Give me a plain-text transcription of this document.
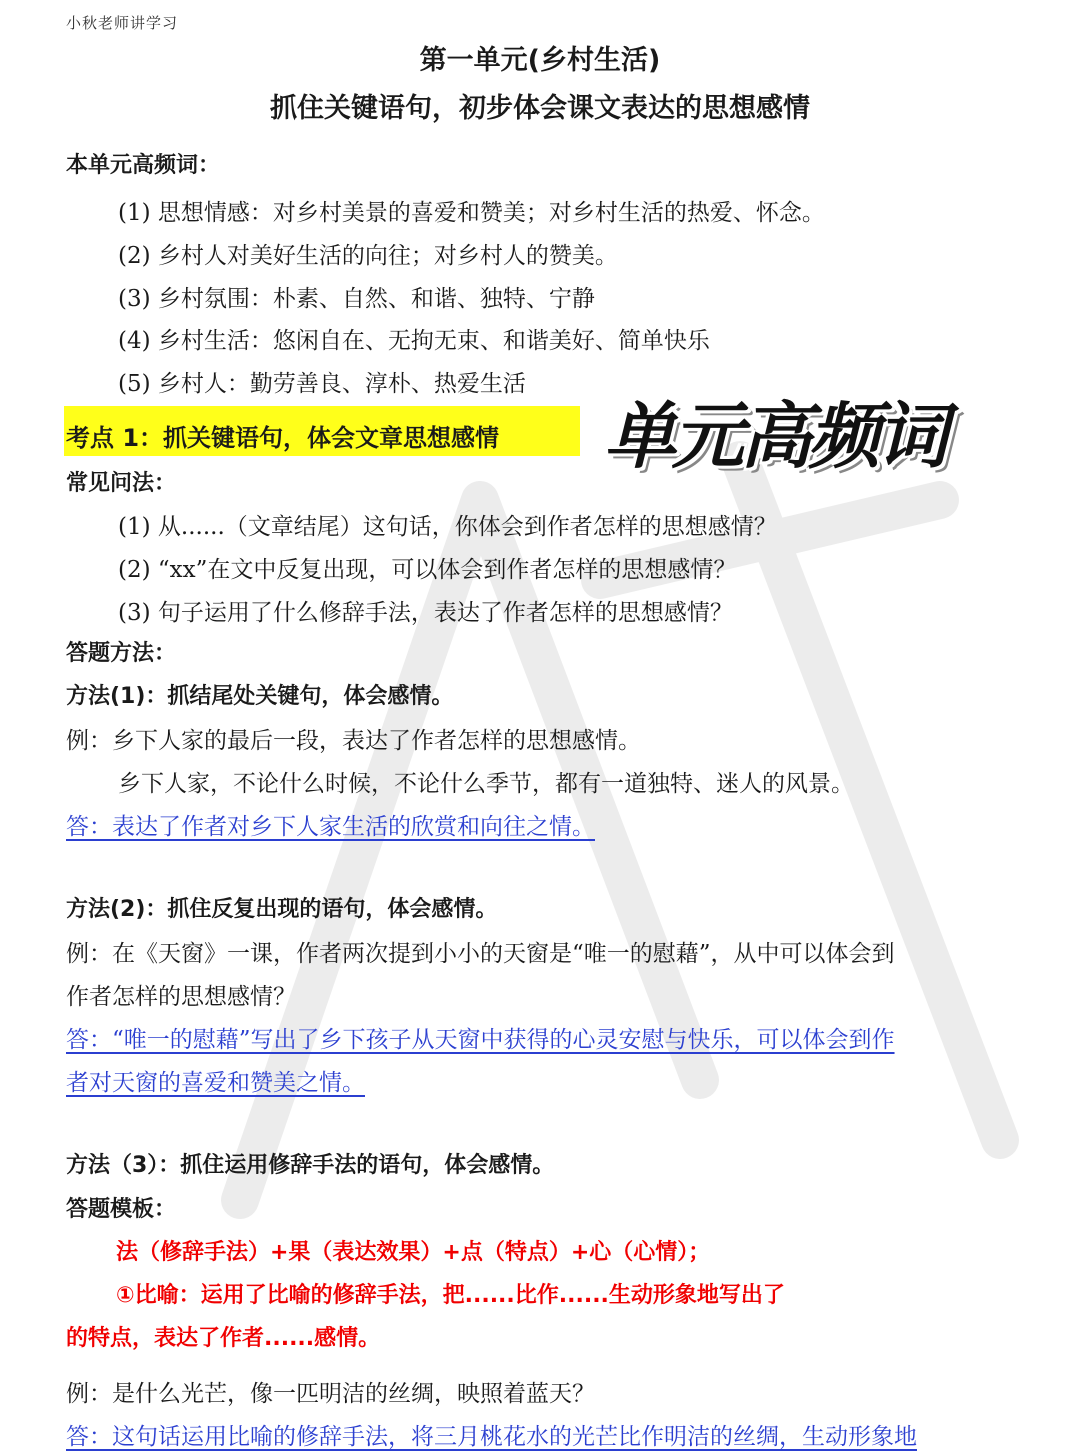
小秋老师讲学习
第一单元(乡村生活)
抓住关键语句，初步体会课文表达的思想感情
本单元高频词：
(1) 思想情感：对乡村美景的喜爱和赞美；对乡村生活的热爱、怀念。
(2) 乡村人对美好生活的向往；对乡村人的赞美。
(3) 乡村氛围：朴素、自然、和谐、独特、宁静
(4) 乡村生活：悠闲自在、无拘无束、和谐美好、简单快乐
(5) 乡村人：勤劳善良、淳朴、热爱生活
考点 1：抓关键语句，体会文章思想感情 单元高频词
常见问法：
(1) 从......（文章结尾）这句话，你体会到作者怎样的思想感情？
(2) “xx”在文中反复出现，可以体会到作者怎样的思想感情？
(3) 句子运用了什么修辞手法，表达了作者怎样的思想感情？
答题方法：
方法(1)：抓结尾处关键句，体会感情。
例：乡下人家的最后一段，表达了作者怎样的思想感情。
乡下人家，不论什么时候，不论什么季节，都有一道独特、迷人的风景。
答：表达了作者对乡下人家生活的欣赏和向往之情。
方法(2)：抓住反复出现的语句，体会感情。
例：在《天窗》一课，作者两次提到小小的天窗是“唯一的慰藉”，从中可以体会到
作者怎样的思想感情？
答：“唯一的慰藉”写出了乡下孩子从天窗中获得的心灵安慰与快乐，可以体会到作
者对天窗的喜爱和赞美之情。
方法（3）：抓住运用修辞手法的语句，体会感情。
答题模板：
法（修辞手法）+果（表达效果）+点（特点）+心（心情）；
①比喻：运用了比喻的修辞手法，把......比作......生动形象地写出了
的特点，表达了作者......感情。
例：是什么光芒，像一匹明洁的丝绸，映照着蓝天？
答：这句话运用比喻的修辞手法，将三月桃花水的光芒比作明洁的丝绸，生动形象地
